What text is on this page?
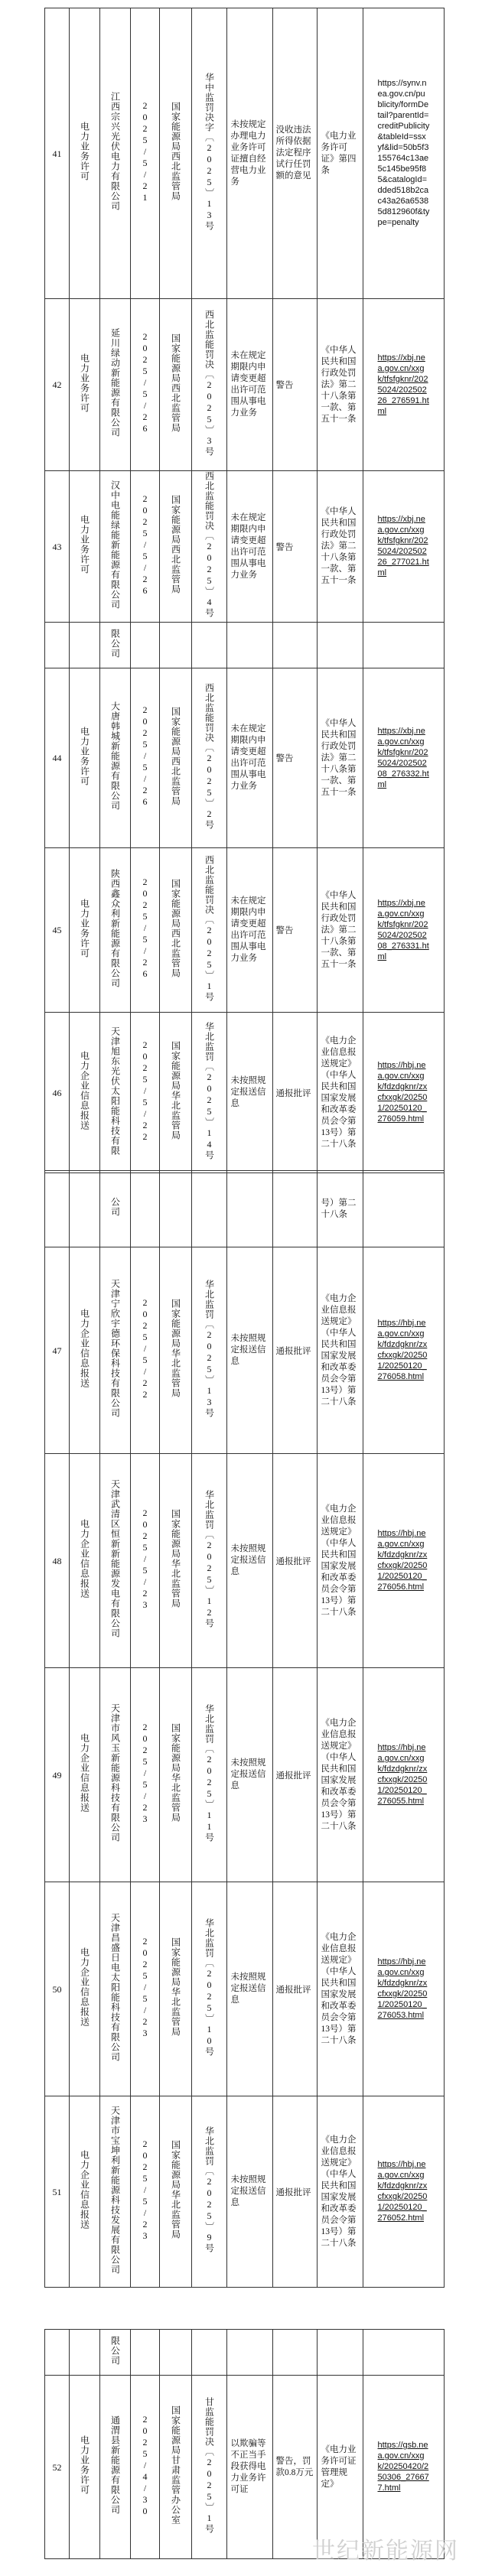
41	电力业务许可	江西宗兴光伏电力有限公司	2025/5/21	国家能源局西北监管局	华中监罚决字〔2025〕13号	未按规定办理电力业务许可证擅自经营电力业务	没收违法所得依据法定程序试行任罚额的意见	《电力业务许可证》第四条	https://synv.nea.gov.cn/publicity/formDetail?parentId=creditPublicity&tableId=ssxyf&lid=50b5f3155764c13ae5c145be95f85&catalogId=dded518b2cac43a26a65385d812960f&type=penalty
42	电力业务许可	延川绿动新能源有限公司	2025/5/26	国家能源局西北监管局	西北监能罚决〔2025〕3号	未在规定期限内申请变更超出许可范围从事电力业务	警告	《中华人民共和国行政处罚法》第二十八条第一款、第五十一条	https://xbj.nea.gov.cn/xxgk/tfsfgknr/2025024/20250226_276591.html
43	电力业务许可	汉中电能绿能新能源有限公司	2025/5/26	国家能源局西北监管局	西北监能罚决〔2025〕4号	未在规定期限内申请变更超出许可范围从事电力业务	警告	《中华人民共和国行政处罚法》第二十八条第一款、第五十一条	https://xbj.nea.gov.cn/xxgk/tfsfgknr/2025024/20250226_277021.html
		限公司							
44	电力业务许可	大唐韩城新能源有限公司	2025/5/26	国家能源局西北监管局	西北监能罚决〔2025〕2号	未在规定期限内申请变更超出许可范围从事电力业务	警告	《中华人民共和国行政处罚法》第二十八条第一款、第五十一条	https://xbj.nea.gov.cn/xxgk/tfsfgknr/2025024/20250208_276332.html
45	电力业务许可	陕西鑫众利新能源有限公司	2025/5/26	国家能源局西北监管局	西北监能罚决〔2025〕1号	未在规定期限内申请变更超出许可范围从事电力业务	警告	《中华人民共和国行政处罚法》第二十八条第一款、第五十一条	https://xbj.nea.gov.cn/xxgk/tfsfgknr/2025024/20250208_276331.html
46	电力企业信息报送	天津旭东光伏太阳能科技有限	2025/5/22	国家能源局华北监管局	华北监罚〔2025〕14号	未按照规定报送信息	通报批评	《电力企业信息报送规定》（中华人民共和国国家发展和改革委员会令第13号）第二十八条	https://hbj.nea.gov.cn/xxgk/fdzdgknr/zxcfxxgk/202501/20250120_276059.html
		公司						号）第二十八条	
47	电力企业信息报送	天津宁欣宇德环保科技有限公司	2025/5/22	国家能源局华北监管局	华北监罚〔2025〕13号	未按照规定报送信息	通报批评	《电力企业信息报送规定》（中华人民共和国国家发展和改革委员会令第13号）第二十八条	https://hbj.nea.gov.cn/xxgk/fdzdgknr/zxcfxxgk/202501/20250120_276058.html
48	电力企业信息报送	天津武清区恒新新能源发电有限公司	2025/5/23	国家能源局华北监管局	华北监罚〔2025〕12号	未按照规定报送信息	通报批评	《电力企业信息报送规定》（中华人民共和国国家发展和改革委员会令第13号）第二十八条	https://hbj.nea.gov.cn/xxgk/fdzdgknr/zxcfxxgk/202501/20250120_276056.html
49	电力企业信息报送	天津市风玉新能源科技有限公司	2025/5/23	国家能源局华北监管局	华北监罚〔2025〕11号	未按照规定报送信息	通报批评	《电力企业信息报送规定》（中华人民共和国国家发展和改革委员会令第13号）第二十八条	https://hbj.nea.gov.cn/xxgk/fdzdgknr/zxcfxxgk/202501/20250120_276055.html
50	电力企业信息报送	天津昌盛日电太阳能科技有限公司	2025/5/23	国家能源局华北监管局	华北监罚〔2025〕10号	未按照规定报送信息	通报批评	《电力企业信息报送规定》（中华人民共和国国家发展和改革委员会令第13号）第二十八条	https://hbj.nea.gov.cn/xxgk/fdzdgknr/zxcfxxgk/202501/20250120_276053.html
51	电力企业信息报送	天津市宝坤利新能源科技发展有限公司	2025/5/23	国家能源局华北监管局	华北监罚〔2025〕9号	未按照规定报送信息	通报批评	《电力企业信息报送规定》（中华人民共和国国家发展和改革委员会令第13号）第二十八条	https://hbj.nea.gov.cn/xxgk/fdzdgknr/zxcfxxgk/202501/20250120_276052.html
		限公司							
52	电力业务许可	通渭县新能源有限公司	2025/4/30	国家能源局甘肃监管办公室	甘监能罚决〔2025〕1号	以欺骗等不正当手段获得电力业务许可证	警告，罚款0.8万元	《电力业务许可证管理规定》	https://gsb.nea.gov.cn/xxgk/20250420/250306_276677.html
世纪新能源网
